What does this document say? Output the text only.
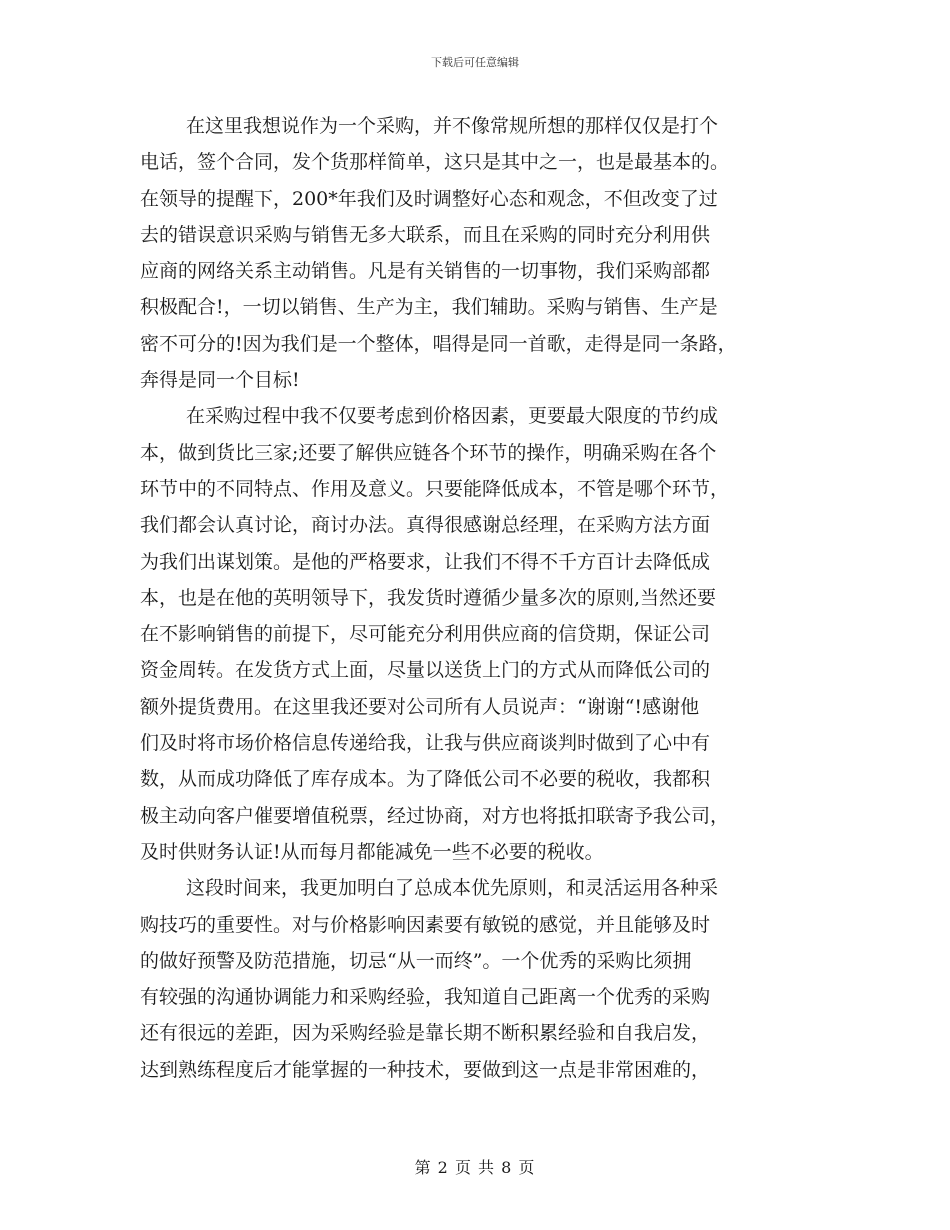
下载后可任意编辑
在这里我想说作为一个采购，并不像常规所想的那样仅仅是打个
电话，签个合同，发个货那样简单，这只是其中之一，也是最基本的。
在领导的提醒下，200*年我们及时调整好心态和观念，不但改变了过
去的错误意识采购与销售无多大联系，而且在采购的同时充分利用供
应商的网络关系主动销售。凡是有关销售的一切事物，我们采购部都
积极配合!，一切以销售、生产为主，我们辅助。采购与销售、生产是
密不可分的!因为我们是一个整体，唱得是同一首歌，走得是同一条路，
奔得是同一个目标!
在采购过程中我不仅要考虑到价格因素，更要最大限度的节约成
本，做到货比三家;还要了解供应链各个环节的操作，明确采购在各个
环节中的不同特点、作用及意义。只要能降低成本，不管是哪个环节，
我们都会认真讨论，商讨办法。真得很感谢总经理，在采购方法方面
为我们出谋划策。是他的严格要求，让我们不得不千方百计去降低成
本，也是在他的英明领导下，我发货时遵循少量多次的原则,当然还要
在不影响销售的前提下，尽可能充分利用供应商的信贷期，保证公司
资金周转。在发货方式上面，尽量以送货上门的方式从而降低公司的
额外提货费用。在这里我还要对公司所有人员说声：“谢谢“!感谢他
们及时将市场价格信息传递给我，让我与供应商谈判时做到了心中有
数，从而成功降低了库存成本。为了降低公司不必要的税收，我都积
极主动向客户催要增值税票，经过协商，对方也将抵扣联寄予我公司，
及时供财务认证!从而每月都能减免一些不必要的税收。
这段时间来，我更加明白了总成本优先原则，和灵活运用各种采
购技巧的重要性。对与价格影响因素要有敏锐的感觉，并且能够及时
的做好预警及防范措施，切忌“从一而终”。一个优秀的采购比须拥
有较强的沟通协调能力和采购经验，我知道自己距离一个优秀的采购
还有很远的差距，因为采购经验是靠长期不断积累经验和自我启发，
达到熟练程度后才能掌握的一种技术，要做到这一点是非常困难的，
第 2 页 共 8 页
